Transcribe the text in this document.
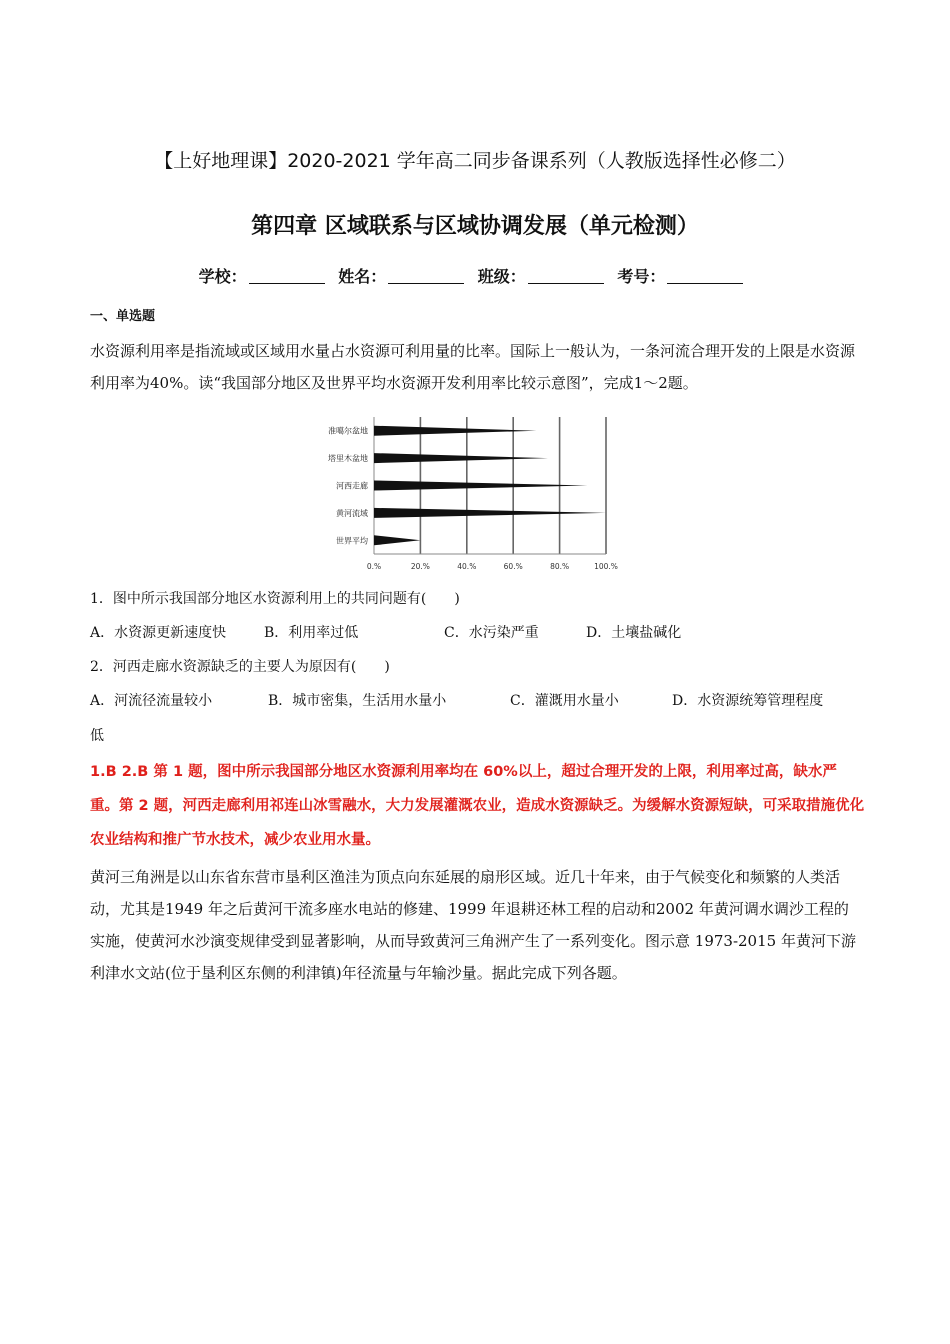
【上好地理课】2020-2021 学年高二同步备课系列（人教版选择性必修二）
第四章 区域联系与区域协调发展（单元检测）
学校：	姓名：	班级：	考号：
一、单选题
水资源利用率是指流域或区域用水量占水资源可利用量的比率。国际上一般认为，一条河流合理开发的上限是水资源利用率为40%。读“我国部分地区及世界平均水资源开发利用率比较示意图”，完成1～2题。
准噶尔盆地
塔里木盆地
河西走廊
黄河流域
世界平均
0.%	20.%	40.%	60.%	80.%	100.%
1．图中所示我国部分地区水资源利用上的共同问题有(　　)
A．水资源更新速度快	B．利用率过低	C．水污染严重	D．土壤盐碱化
2．河西走廊水资源缺乏的主要人为原因有(　　)
A．河流径流量较小	B．城市密集，生活用水量小	C．灌溉用水量小	D．水资源统筹管理程度
低
1.B 2.B 第 1 题，图中所示我国部分地区水资源利用率均在 60%以上，超过合理开发的上限，利用率过高，缺水严重。第 2 题，河西走廊利用祁连山冰雪融水，大力发展灌溉农业，造成水资源缺乏。为缓解水资源短缺，可采取措施优化农业结构和推广节水技术，减少农业用水量。
黄河三角洲是以山东省东营市垦利区渔洼为顶点向东延展的扇形区域。近几十年来，由于气候变化和频繁的人类活动，尤其是1949 年之后黄河干流多座水电站的修建、1999 年退耕还林工程的启动和2002 年黄河调水调沙工程的实施，使黄河水沙演变规律受到显著影响，从而导致黄河三角洲产生了一系列变化。图示意 1973-2015 年黄河下游利津水文站(位于垦利区东侧的利津镇)年径流量与年输沙量。据此完成下列各题。
